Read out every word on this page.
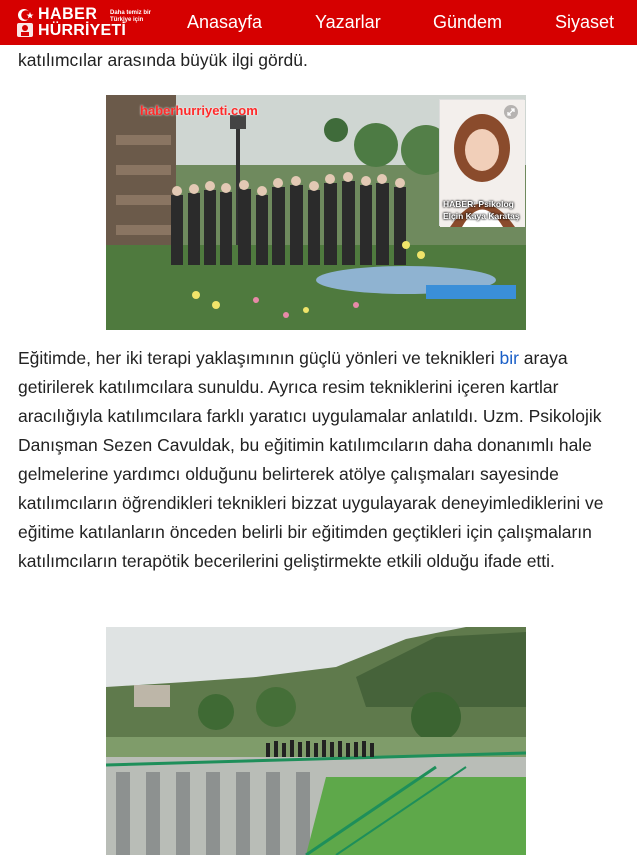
HABER
HÜRRİYETİ
Daha temiz bir Türkiye için	Anasayfa	Yazarlar	Gündem	Siyaset

katılımcılar arasında büyük ilgi gördü.

haberhurriyeti.com
HABER: Psikolog
Elçin Kaya Karataş

Eğitimde, her iki terapi yaklaşımının güçlü yönleri ve teknikleri bir araya getirilerek katılımcılara sunuldu. Ayrıca resim tekniklerini içeren kartlar aracılığıyla katılımcılara farklı yaratıcı uygulamalar anlatıldı. Uzm. Psikolojik Danışman Sezen Cavuldak, bu eğitimin katılımcıların daha donanımlı hale gelmelerine yardımcı olduğunu belirterek atölye çalışmaları sayesinde katılımcıların öğrendikleri teknikleri bizzat uygulayarak deneyimlediklerini ve eğitime katılanların önceden belirli bir eğitimden geçtikleri için çalışmaların katılımcıların terapötik becerilerini geliştirmekte etkili olduğu ifade etti.
